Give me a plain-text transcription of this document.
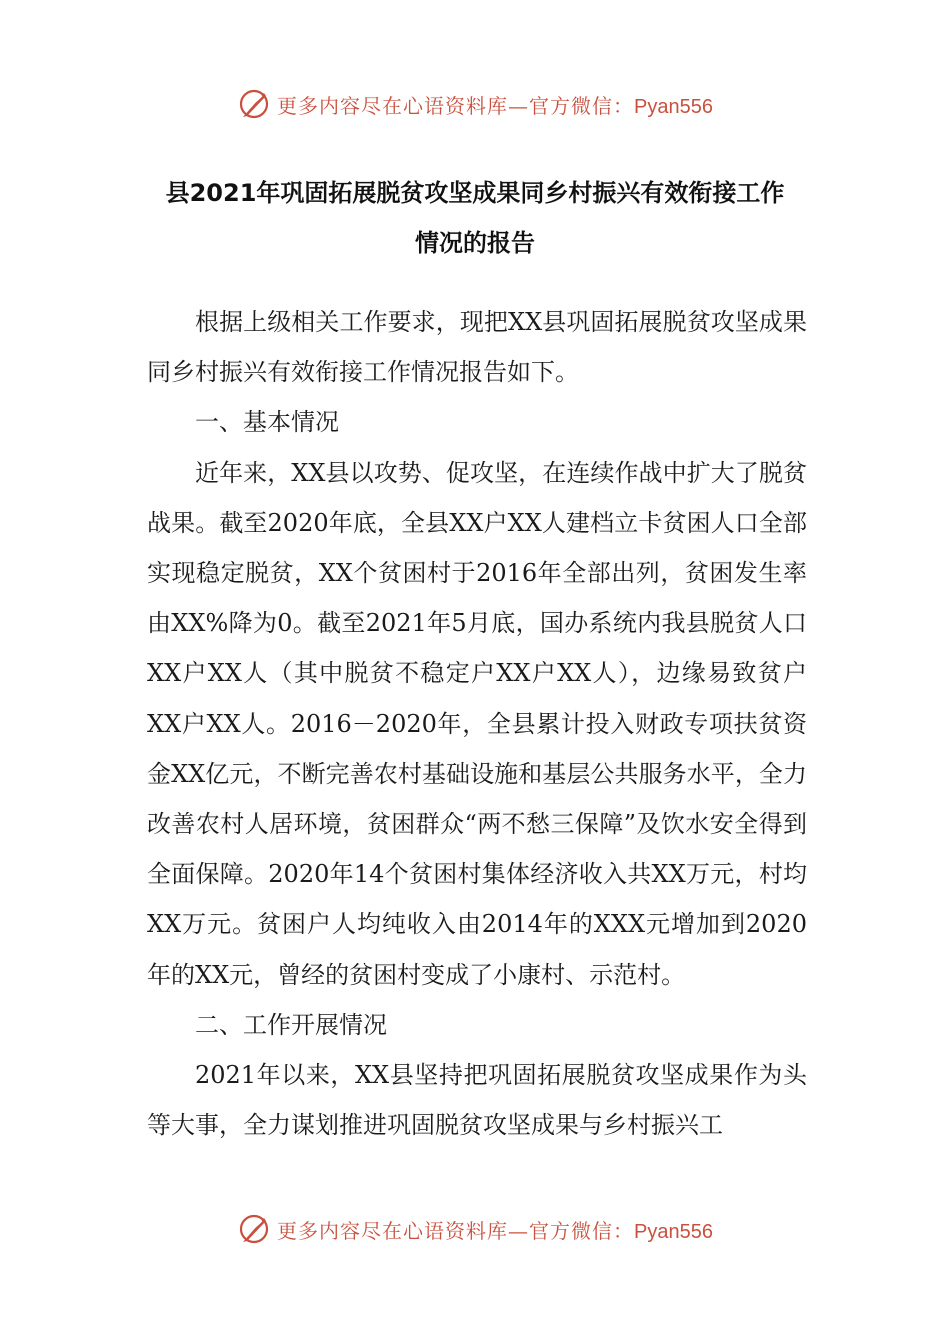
更多内容尽在心语资料库—官方微信：Pyan556
县2021年巩固拓展脱贫攻坚成果同乡村振兴有效衔接工作
情况的报告

根据上级相关工作要求，现把XX县巩固拓展脱贫攻坚成果同乡村振兴有效衔接工作情况报告如下。

一、基本情况

近年来，XX县以攻势、促攻坚，在连续作战中扩大了脱贫战果。截至2020年底，全县XX户XX人建档立卡贫困人口全部实现稳定脱贫，XX个贫困村于2016年全部出列，贫困发生率由XX%降为0。截至2021年5月底，国办系统内我县脱贫人口XX户XX人（其中脱贫不稳定户XX户XX人），边缘易致贫户XX户XX人。2016－2020年，全县累计投入财政专项扶贫资金XX亿元，不断完善农村基础设施和基层公共服务水平，全力改善农村人居环境，贫困群众“两不愁三保障”及饮水安全得到全面保障。2020年14个贫困村集体经济收入共XX万元，村均XX万元。贫困户人均纯收入由2014年的XXX元增加到2020年的XX元，曾经的贫困村变成了小康村、示范村。

二、工作开展情况

2021年以来，XX县坚持把巩固拓展脱贫攻坚成果作为头等大事，全力谋划推进巩固脱贫攻坚成果与乡村振兴工

更多内容尽在心语资料库—官方微信：Pyan556
